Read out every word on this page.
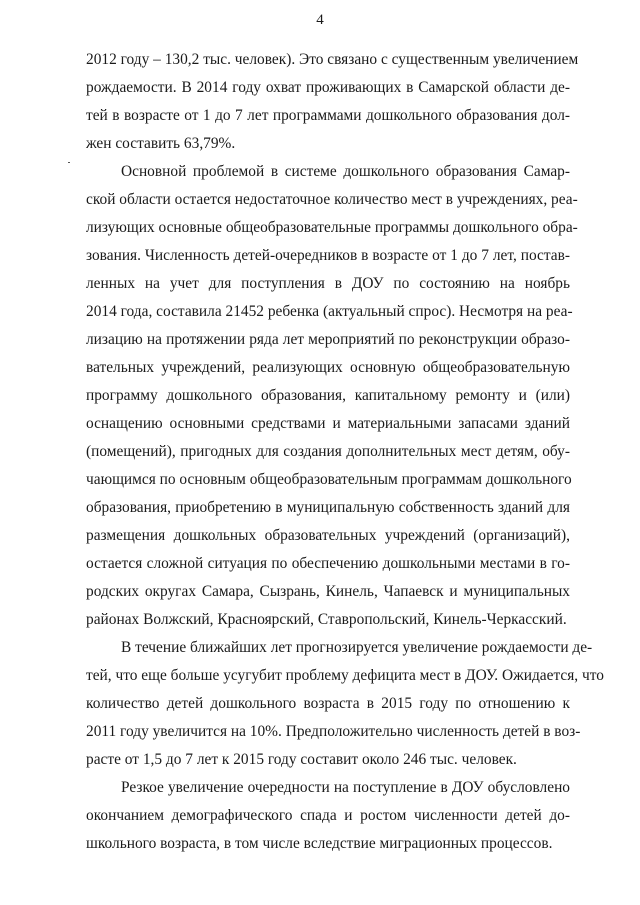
4
2012 году – 130,2 тыс. человек). Это связано с существенным увеличением
рождаемости. В 2014 году охват проживающих в Самарской области де-
тей в возрасте от 1 до 7 лет программами дошкольного образования дол-
жен составить 63,79%.
Основной проблемой в системе дошкольного образования Самар-
ской области остается недостаточное количество мест в учреждениях, реа-
лизующих основные общеобразовательные программы дошкольного обра-
зования. Численность детей-очередников в возрасте от 1 до 7 лет, постав-
ленных на учет для поступления в ДОУ по состоянию на ноябрь
2014 года, составила 21452 ребенка (актуальный спрос). Несмотря на реа-
лизацию на протяжении ряда лет мероприятий по реконструкции образо-
вательных учреждений, реализующих основную общеобразовательную
программу дошкольного образования, капитальному ремонту и (или)
оснащению основными средствами и материальными запасами зданий
(помещений), пригодных для создания дополнительных мест детям, обу-
чающимся по основным общеобразовательным программам дошкольного
образования, приобретению в муниципальную собственность зданий для
размещения дошкольных образовательных учреждений (организаций),
остается сложной ситуация по обеспечению дошкольными местами в го-
родских округах Самара, Сызрань, Кинель, Чапаевск и муниципальных
районах Волжский, Красноярский, Ставропольский, Кинель-Черкасский.
В течение ближайших лет прогнозируется увеличение рождаемости де-
тей, что еще больше усугубит проблему дефицита мест в ДОУ. Ожидается, что
количество детей дошкольного возраста в 2015 году по отношению к
2011 году увеличится на 10%. Предположительно численность детей в воз-
расте от 1,5 до 7 лет к 2015 году составит около 246 тыс. человек.
Резкое увеличение очередности на поступление в ДОУ обусловлено
окончанием демографического спада и ростом численности детей до-
школьного возраста, в том числе вследствие миграционных процессов.
